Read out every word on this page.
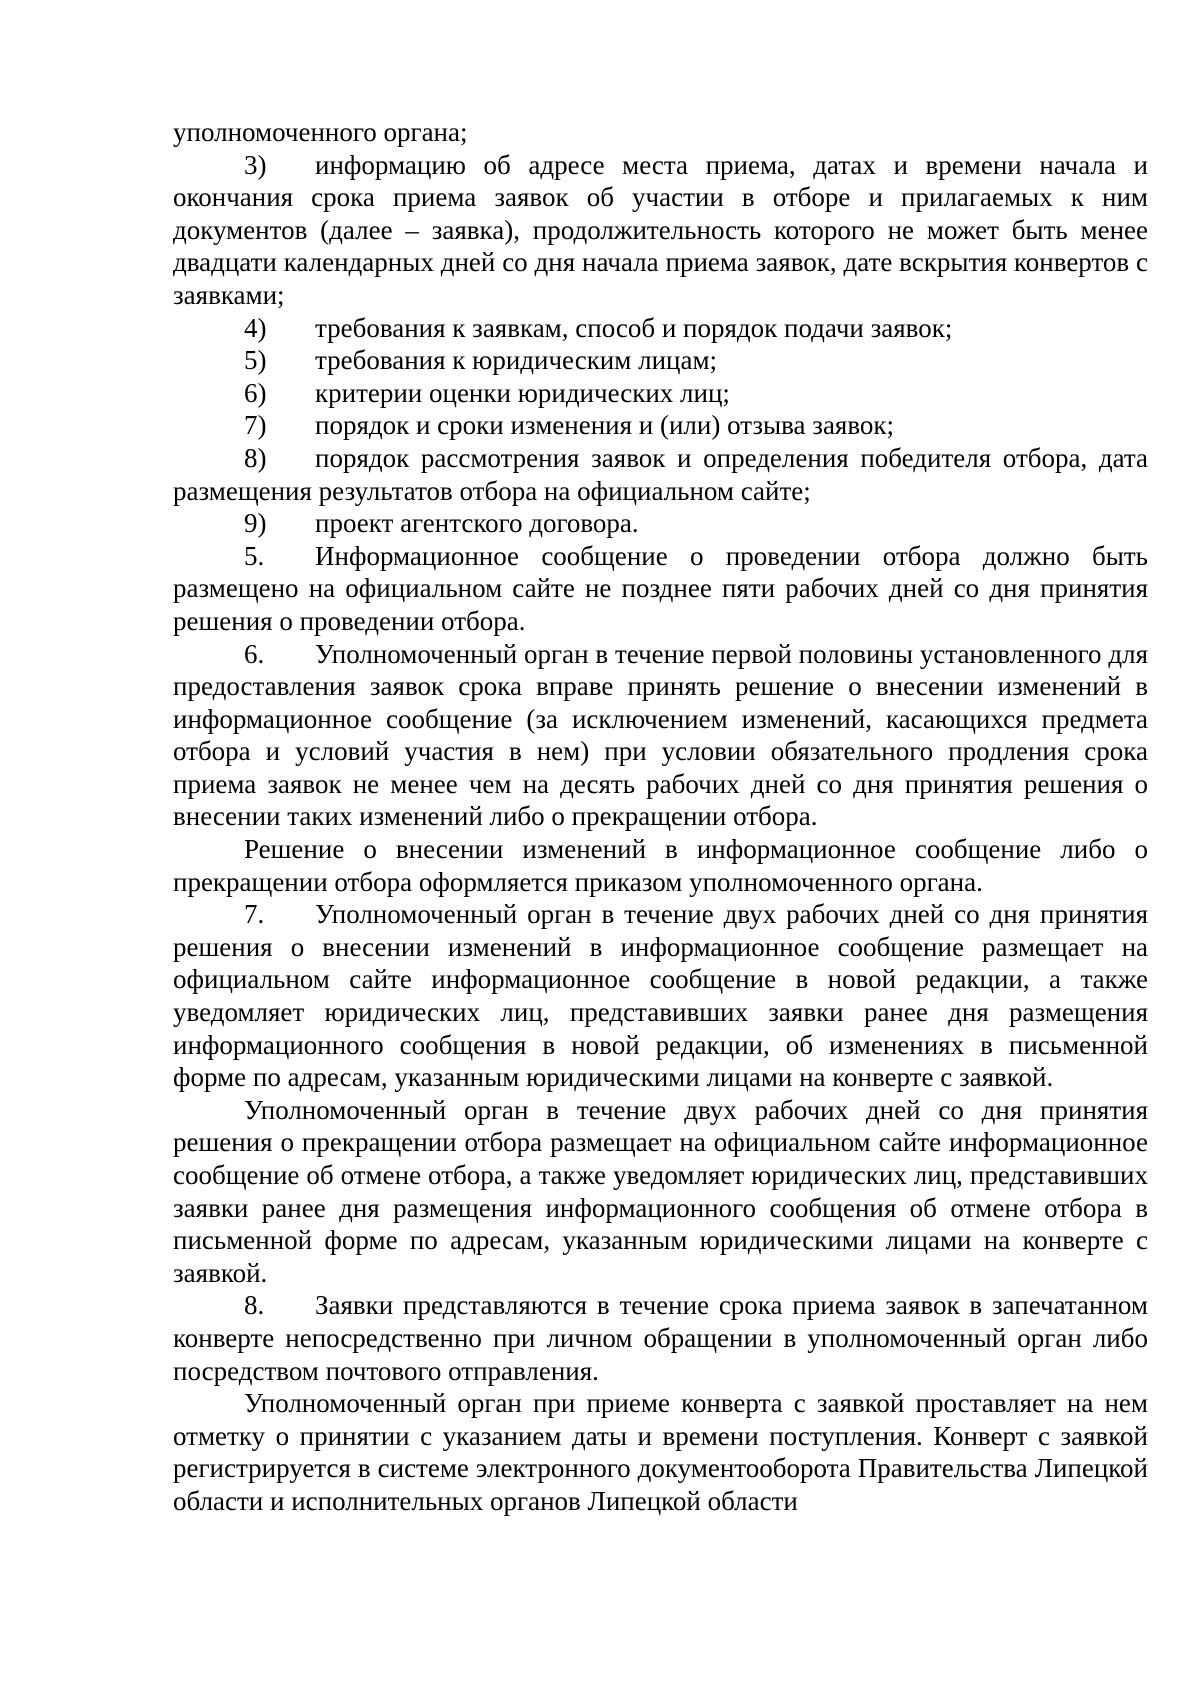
уполномоченного органа;

3) информацию об адресе места приема, датах и времени начала и окончания срока приема заявок об участии в отборе и прилагаемых к ним документов (далее – заявка), продолжительность которого не может быть менее двадцати календарных дней со дня начала приема заявок, дате вскрытия конвертов с заявками;

4) требования к заявкам, способ и порядок подачи заявок;

5) требования к юридическим лицам;

6) критерии оценки юридических лиц;

7) порядок и сроки изменения и (или) отзыва заявок;

8) порядок рассмотрения заявок и определения победителя отбора, дата размещения результатов отбора на официальном сайте;

9) проект агентского договора.

5. Информационное сообщение о проведении отбора должно быть размещено на официальном сайте не позднее пяти рабочих дней со дня принятия решения о проведении отбора.

6. Уполномоченный орган в течение первой половины установленного для предоставления заявок срока вправе принять решение о внесении изменений в информационное сообщение (за исключением изменений, касающихся предмета отбора и условий участия в нем) при условии обязательного продления срока приема заявок не менее чем на десять рабочих дней со дня принятия решения о внесении таких изменений либо о прекращении отбора.

Решение о внесении изменений в информационное сообщение либо о прекращении отбора оформляется приказом уполномоченного органа.

7. Уполномоченный орган в течение двух рабочих дней со дня принятия решения о внесении изменений в информационное сообщение размещает на официальном сайте информационное сообщение в новой редакции, а также уведомляет юридических лиц, представивших заявки ранее дня размещения информационного сообщения в новой редакции, об изменениях в письменной форме по адресам, указанным юридическими лицами на конверте с заявкой.

Уполномоченный орган в течение двух рабочих дней со дня принятия решения о прекращении отбора размещает на официальном сайте информационное сообщение об отмене отбора, а также уведомляет юридических лиц, представивших заявки ранее дня размещения информационного сообщения об отмене отбора в письменной форме по адресам, указанным юридическими лицами на конверте с заявкой.

8. Заявки представляются в течение срока приема заявок в запечатанном конверте непосредственно при личном обращении в уполномоченный орган либо посредством почтового отправления.

Уполномоченный орган при приеме конверта с заявкой проставляет на нем отметку о принятии с указанием даты и времени поступления. Конверт с заявкой регистрируется в системе электронного документооборота Правительства Липецкой области и исполнительных органов Липецкой области
